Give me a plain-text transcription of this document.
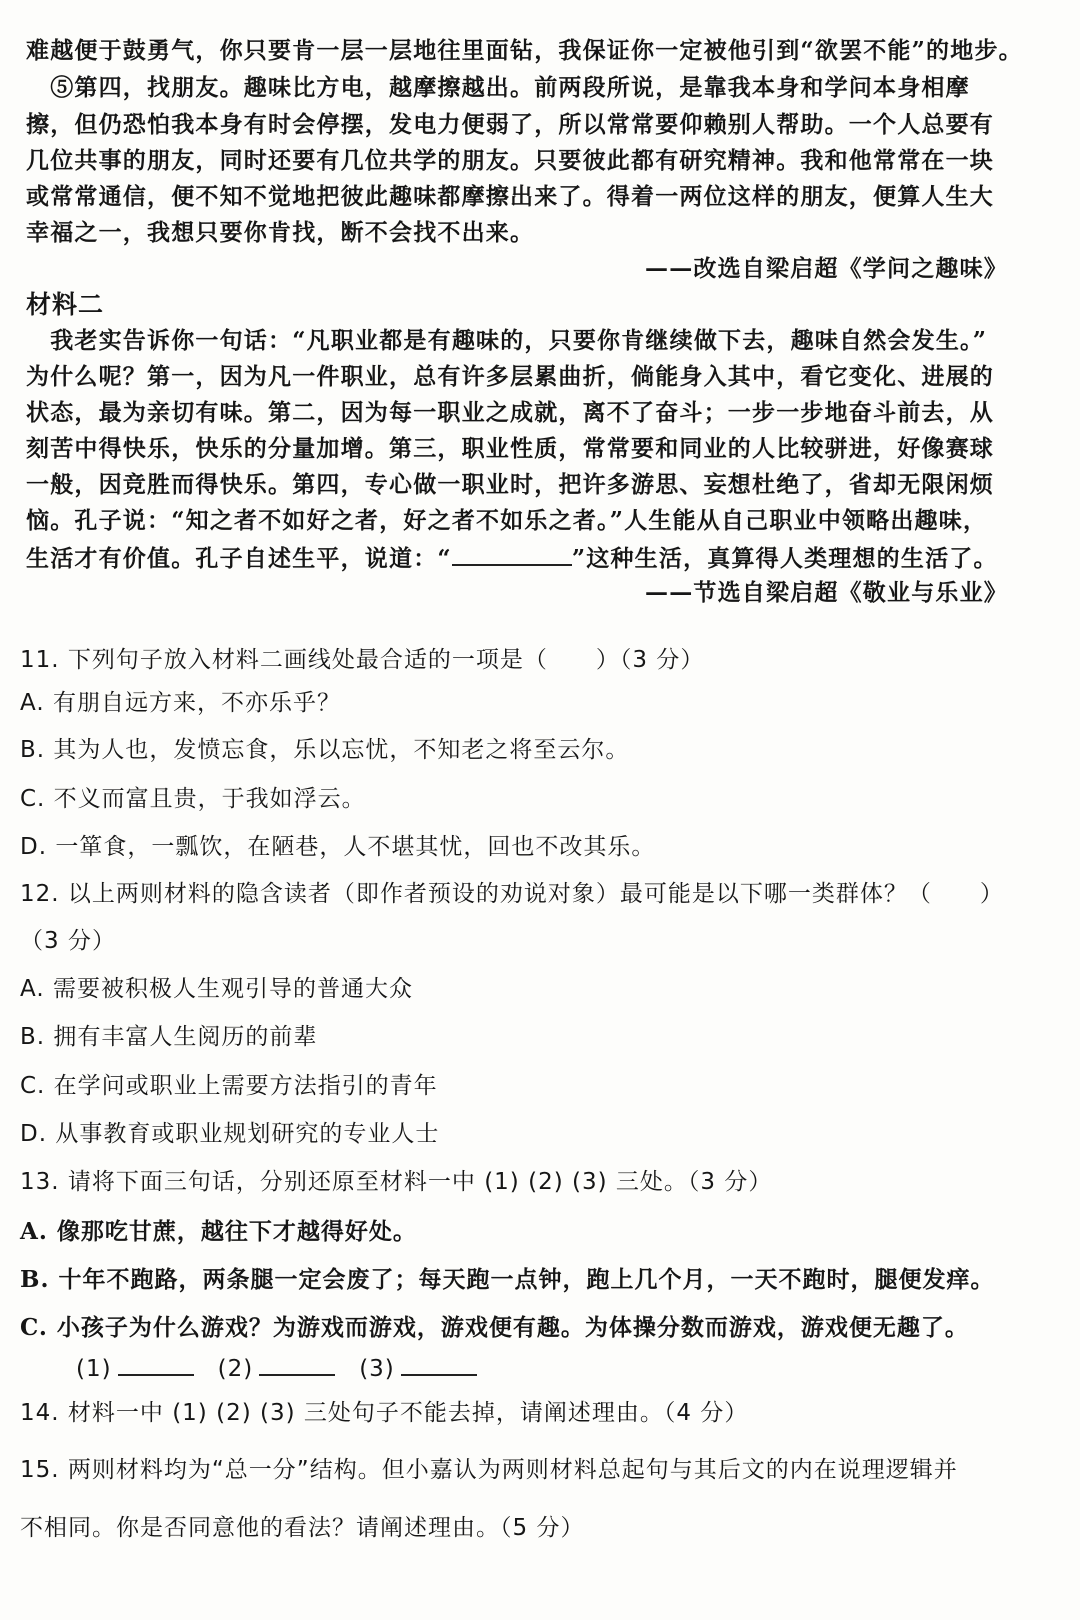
难越便于鼓勇气，你只要肯一层一层地往里面钻，我保证你一定被他引到“欲罢不能”的地步。
　⑤第四，找朋友。趣味比方电，越摩擦越出。前两段所说，是靠我本身和学问本身相摩
擦，但仍恐怕我本身有时会停摆，发电力便弱了，所以常常要仰赖别人帮助。一个人总要有
几位共事的朋友，同时还要有几位共学的朋友。只要彼此都有研究精神。我和他常常在一块
或常常通信，便不知不觉地把彼此趣味都摩擦出来了。得着一两位这样的朋友，便算人生大
幸福之一，我想只要你肯找，断不会找不出来。
——改选自梁启超《学问之趣味》
材料二
　我老实告诉你一句话：“凡职业都是有趣味的，只要你肯继续做下去，趣味自然会发生。”
为什么呢？第一，因为凡一件职业，总有许多层累曲折，倘能身入其中，看它变化、进展的
状态，最为亲切有味。第二，因为每一职业之成就，离不了奋斗；一步一步地奋斗前去，从
刻苦中得快乐，快乐的分量加增。第三，职业性质，常常要和同业的人比较骈进，好像赛球
一般，因竞胜而得快乐。第四，专心做一职业时，把许多游思、妄想杜绝了，省却无限闲烦
恼。孔子说：“知之者不如好之者，好之者不如乐之者。”人生能从自己职业中领略出趣味，
生活才有价值。孔子自述生平，说道：“	”这种生活，真算得人类理想的生活了。
——节选自梁启超《敬业与乐业》
11. 下列句子放入材料二画线处最合适的一项是（　　）（3 分）
A. 有朋自远方来，不亦乐乎？
B. 其为人也，发愤忘食，乐以忘忧，不知老之将至云尔。
C. 不义而富且贵，于我如浮云。
D. 一箪食，一瓢饮，在陋巷，人不堪其忧，回也不改其乐。
12. 以上两则材料的隐含读者（即作者预设的劝说对象）最可能是以下哪一类群体？（　　）
（3 分）
A. 需要被积极人生观引导的普通大众
B. 拥有丰富人生阅历的前辈
C. 在学问或职业上需要方法指引的青年
D. 从事教育或职业规划研究的专业人士
13. 请将下面三句话，分别还原至材料一中 (1) (2) (3) 三处。（3 分）
A. 像那吃甘蔗，越往下才越得好处。
B. 十年不跑路，两条腿一定会废了；每天跑一点钟，跑上几个月，一天不跑时，腿便发痒。
C. 小孩子为什么游戏？为游戏而游戏，游戏便有趣。为体操分数而游戏，游戏便无趣了。
(1)	(2)	(3)
14. 材料一中 (1) (2) (3) 三处句子不能去掉，请阐述理由。（4 分）
15. 两则材料均为“总一分”结构。但小嘉认为两则材料总起句与其后文的内在说理逻辑并
不相同。你是否同意他的看法？请阐述理由。（5 分）
